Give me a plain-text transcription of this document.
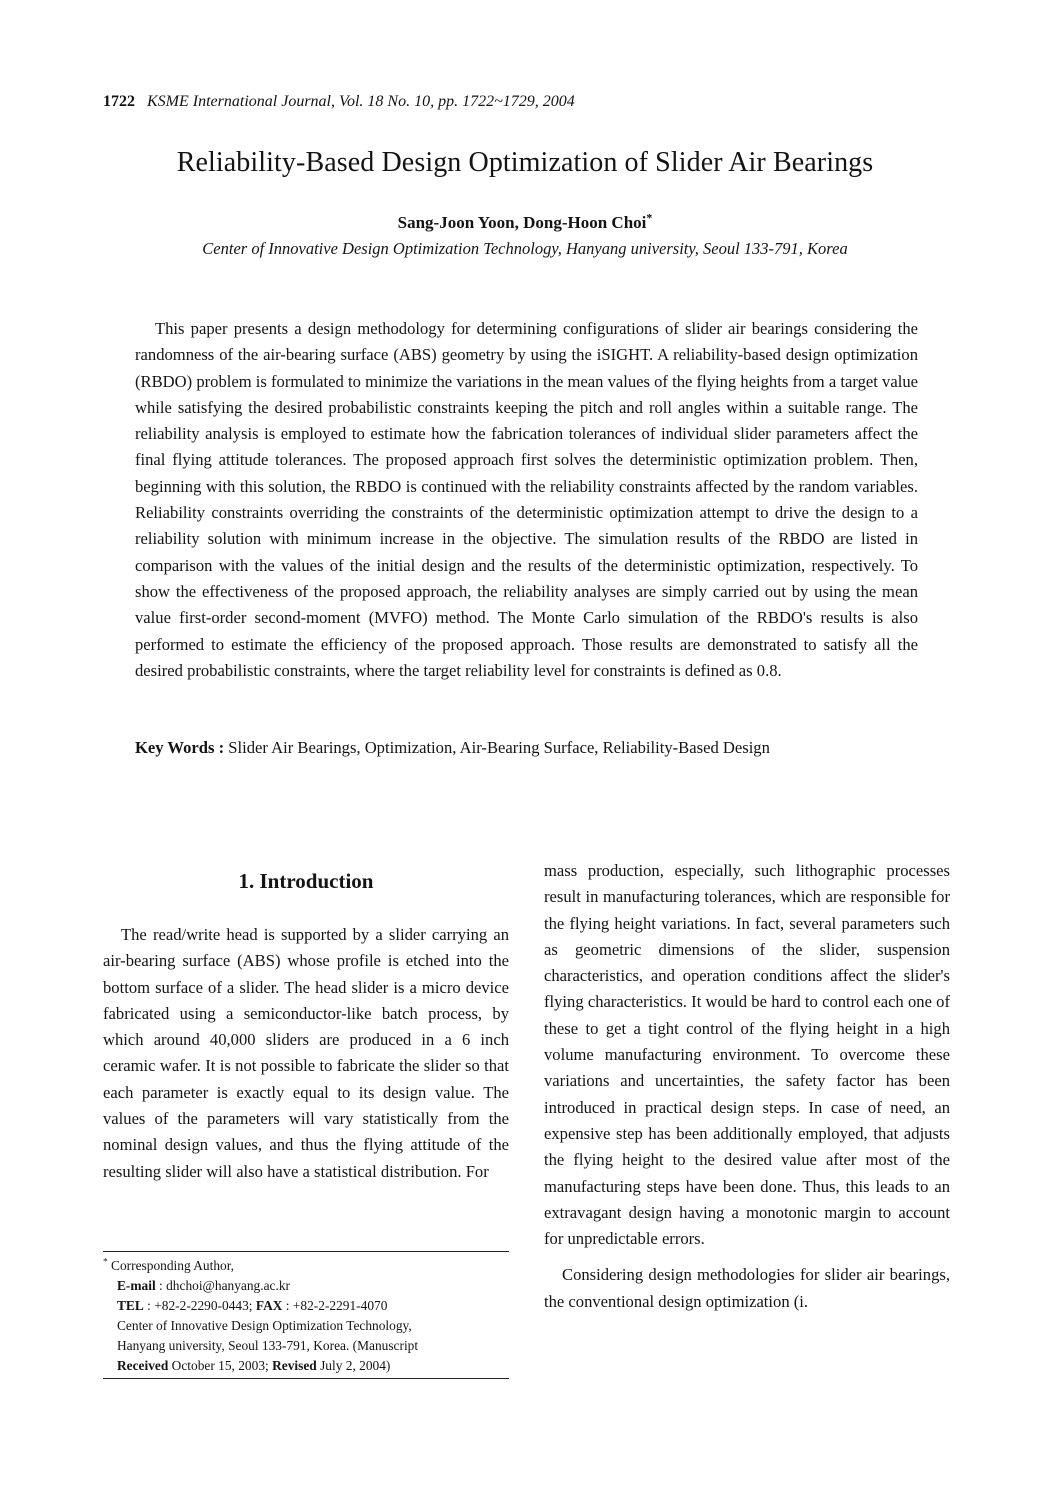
1722 KSME International Journal, Vol. 18 No. 10, pp. 1722~1729, 2004
Reliability-Based Design Optimization of Slider Air Bearings
Sang-Joon Yoon, Dong-Hoon Choi*
Center of Innovative Design Optimization Technology, Hanyang university, Seoul 133-791, Korea

This paper presents a design methodology for determining configurations of slider air bearings considering the randomness of the air-bearing surface (ABS) geometry by using the iSIGHT. A reliability-based design optimization (RBDO) problem is formulated to minimize the variations in the mean values of the flying heights from a target value while satisfying the desired probabilistic constraints keeping the pitch and roll angles within a suitable range. The reliability analysis is employed to estimate how the fabrication tolerances of individual slider parameters affect the final flying attitude tolerances. The proposed approach first solves the deterministic optimization problem. Then, beginning with this solution, the RBDO is continued with the reliability constraints affected by the random variables. Reliability constraints overriding the constraints of the deterministic optimization attempt to drive the design to a reliability solution with minimum increase in the objective. The simulation results of the RBDO are listed in comparison with the values of the initial design and the results of the deterministic optimization, respectively. To show the effectiveness of the proposed approach, the reliability analyses are simply carried out by using the mean value first-order second-moment (MVFO) method. The Monte Carlo simulation of the RBDO's results is also performed to estimate the efficiency of the proposed approach. Those results are demonstrated to satisfy all the desired probabilistic constraints, where the target reliability level for constraints is defined as 0.8.

Key Words : Slider Air Bearings, Optimization, Air-Bearing Surface, Reliability-Based Design
1. Introduction

The read/write head is supported by a slider carrying an air-bearing surface (ABS) whose profile is etched into the bottom surface of a slider. The head slider is a micro device fabricated using a semiconductor-like batch process, by which around 40,000 sliders are produced in a 6 inch ceramic wafer. It is not possible to fabricate the slider so that each parameter is exactly equal to its design value. The values of the parameters will vary statistically from the nominal design values, and thus the flying attitude of the resulting slider will also have a statistical distribution. For

mass production, especially, such lithographic processes result in manufacturing tolerances, which are responsible for the flying height variations. In fact, several parameters such as geometric dimensions of the slider, suspension characteristics, and operation conditions affect the slider's flying characteristics. It would be hard to control each one of these to get a tight control of the flying height in a high volume manufacturing environment. To overcome these variations and uncertainties, the safety factor has been introduced in practical design steps. In case of need, an expensive step has been additionally employed, that adjusts the flying height to the desired value after most of the manufacturing steps have been done. Thus, this leads to an extravagant design having a monotonic margin to account for unpredictable errors.

Considering design methodologies for slider air bearings, the conventional design optimization (i.

* Corresponding Author,
E-mail : dhchoi@hanyang.ac.kr
TEL : +82-2-2290-0443; FAX : +82-2-2291-4070
Center of Innovative Design Optimization Technology,
Hanyang university, Seoul 133-791, Korea. (Manuscript
Received October 15, 2003; Revised July 2, 2004)
